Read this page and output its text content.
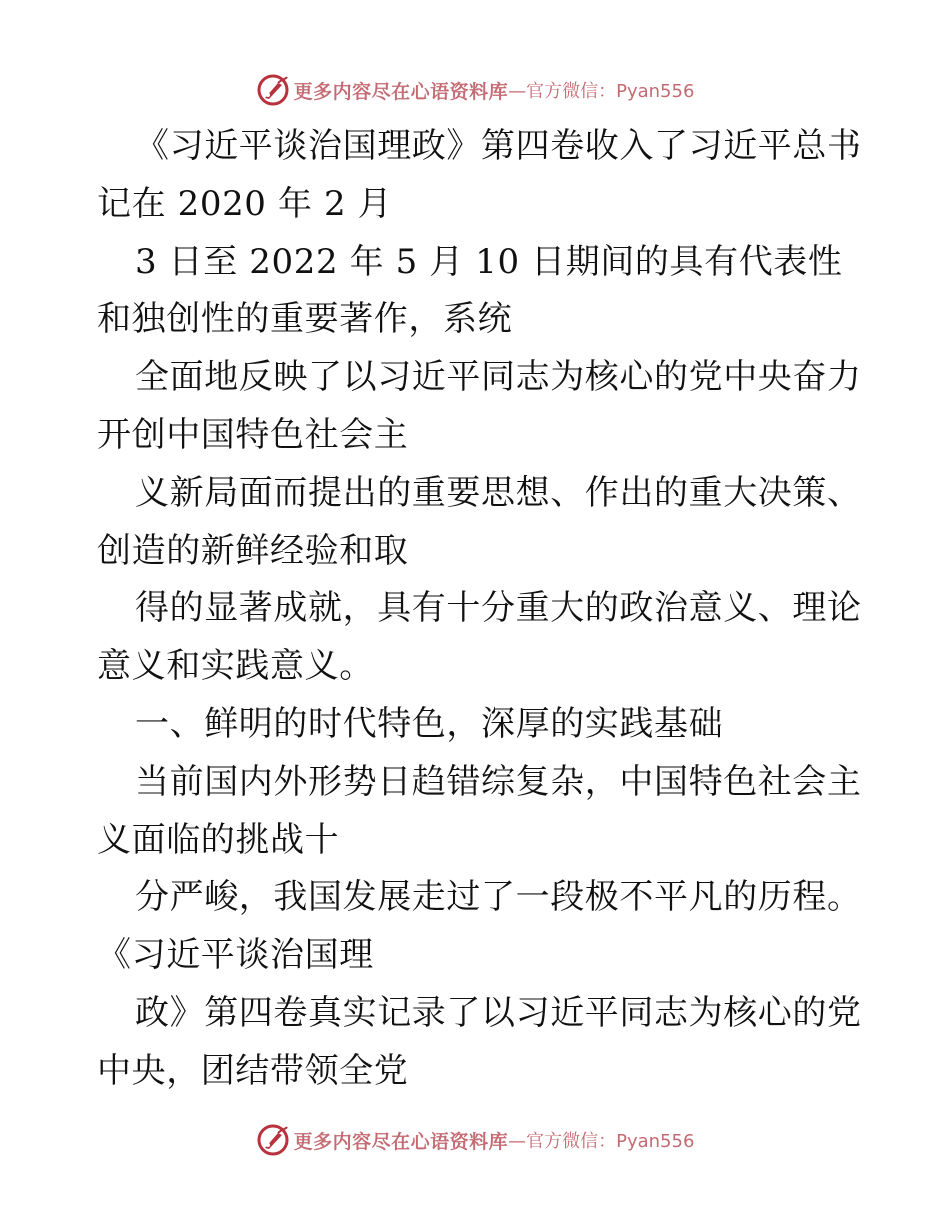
更多内容尽在心语资料库 —官方微信：Pyan556
《习近平谈治国理政》第四卷收入了习近平总书
记在 2020 年 2 月
3 日至 2022 年 5 月 10 日期间的具有代表性
和独创性的重要著作，系统
全面地反映了以习近平同志为核心的党中央奋力
开创中国特色社会主
义新局面而提出的重要思想、作出的重大决策、
创造的新鲜经验和取
得的显著成就，具有十分重大的政治意义、理论
意义和实践意义。
一、鲜明的时代特色，深厚的实践基础
当前国内外形势日趋错综复杂，中国特色社会主
义面临的挑战十
分严峻，我国发展走过了一段极不平凡的历程。
《习近平谈治国理
政》第四卷真实记录了以习近平同志为核心的党
中央，团结带领全党
更多内容尽在心语资料库 —官方微信：Pyan556
